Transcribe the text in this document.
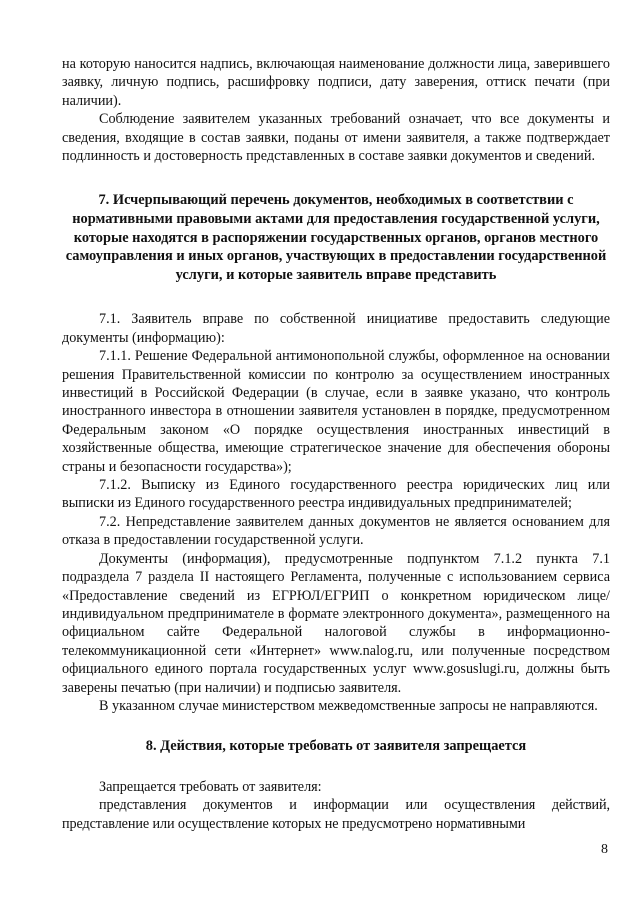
на которую наносится надпись, включающая наименование должности лица, заверившего заявку, личную подпись, расшифровку подписи, дату заверения, оттиск печати (при наличии).

Соблюдение заявителем указанных требований означает, что все документы и сведения, входящие в состав заявки, поданы от имени заявителя, а также подтверждает подлинность и достоверность представленных в составе заявки документов и сведений.

7. Исчерпывающий перечень документов, необходимых в соответствии с нормативными правовыми актами для предоставления государственной услуги, которые находятся в распоряжении государственных органов, органов местного самоуправления и иных органов, участвующих в предоставлении государственной услуги, и которые заявитель вправе представить

7.1. Заявитель вправе по собственной инициативе предоставить следующие документы (информацию):

7.1.1. Решение Федеральной антимонопольной службы, оформленное на основании решения Правительственной комиссии по контролю за осуществлением иностранных инвестиций в Российской Федерации (в случае, если в заявке указано, что контроль иностранного инвестора в отношении заявителя установлен в порядке, предусмотренном Федеральным законом «О порядке осуществления иностранных инвестиций в хозяйственные общества, имеющие стратегическое значение для обеспечения обороны страны и безопасности государства»);

7.1.2. Выписку из Единого государственного реестра юридических лиц или выписки из Единого государственного реестра индивидуальных предпринимателей;

7.2. Непредставление заявителем данных документов не является основанием для отказа в предоставлении государственной услуги.

Документы (информация), предусмотренные подпунктом 7.1.2 пункта 7.1 подраздела 7 раздела II настоящего Регламента, полученные с использованием сервиса «Предоставление сведений из ЕГРЮЛ/ЕГРИП о конкретном юридическом лице/индивидуальном предпринимателе в формате электронного документа», размещенного на официальном сайте Федеральной налоговой службы в информационно-телекоммуникационной сети «Интернет» www.nalog.ru, или полученные посредством официального единого портала государственных услуг www.gosuslugi.ru, должны быть заверены печатью (при наличии) и подписью заявителя.

В указанном случае министерством межведомственные запросы не направляются.

8. Действия, которые требовать от заявителя запрещается

Запрещается требовать от заявителя:

представления документов и информации или осуществления действий, представление или осуществление которых не предусмотрено нормативными

8
